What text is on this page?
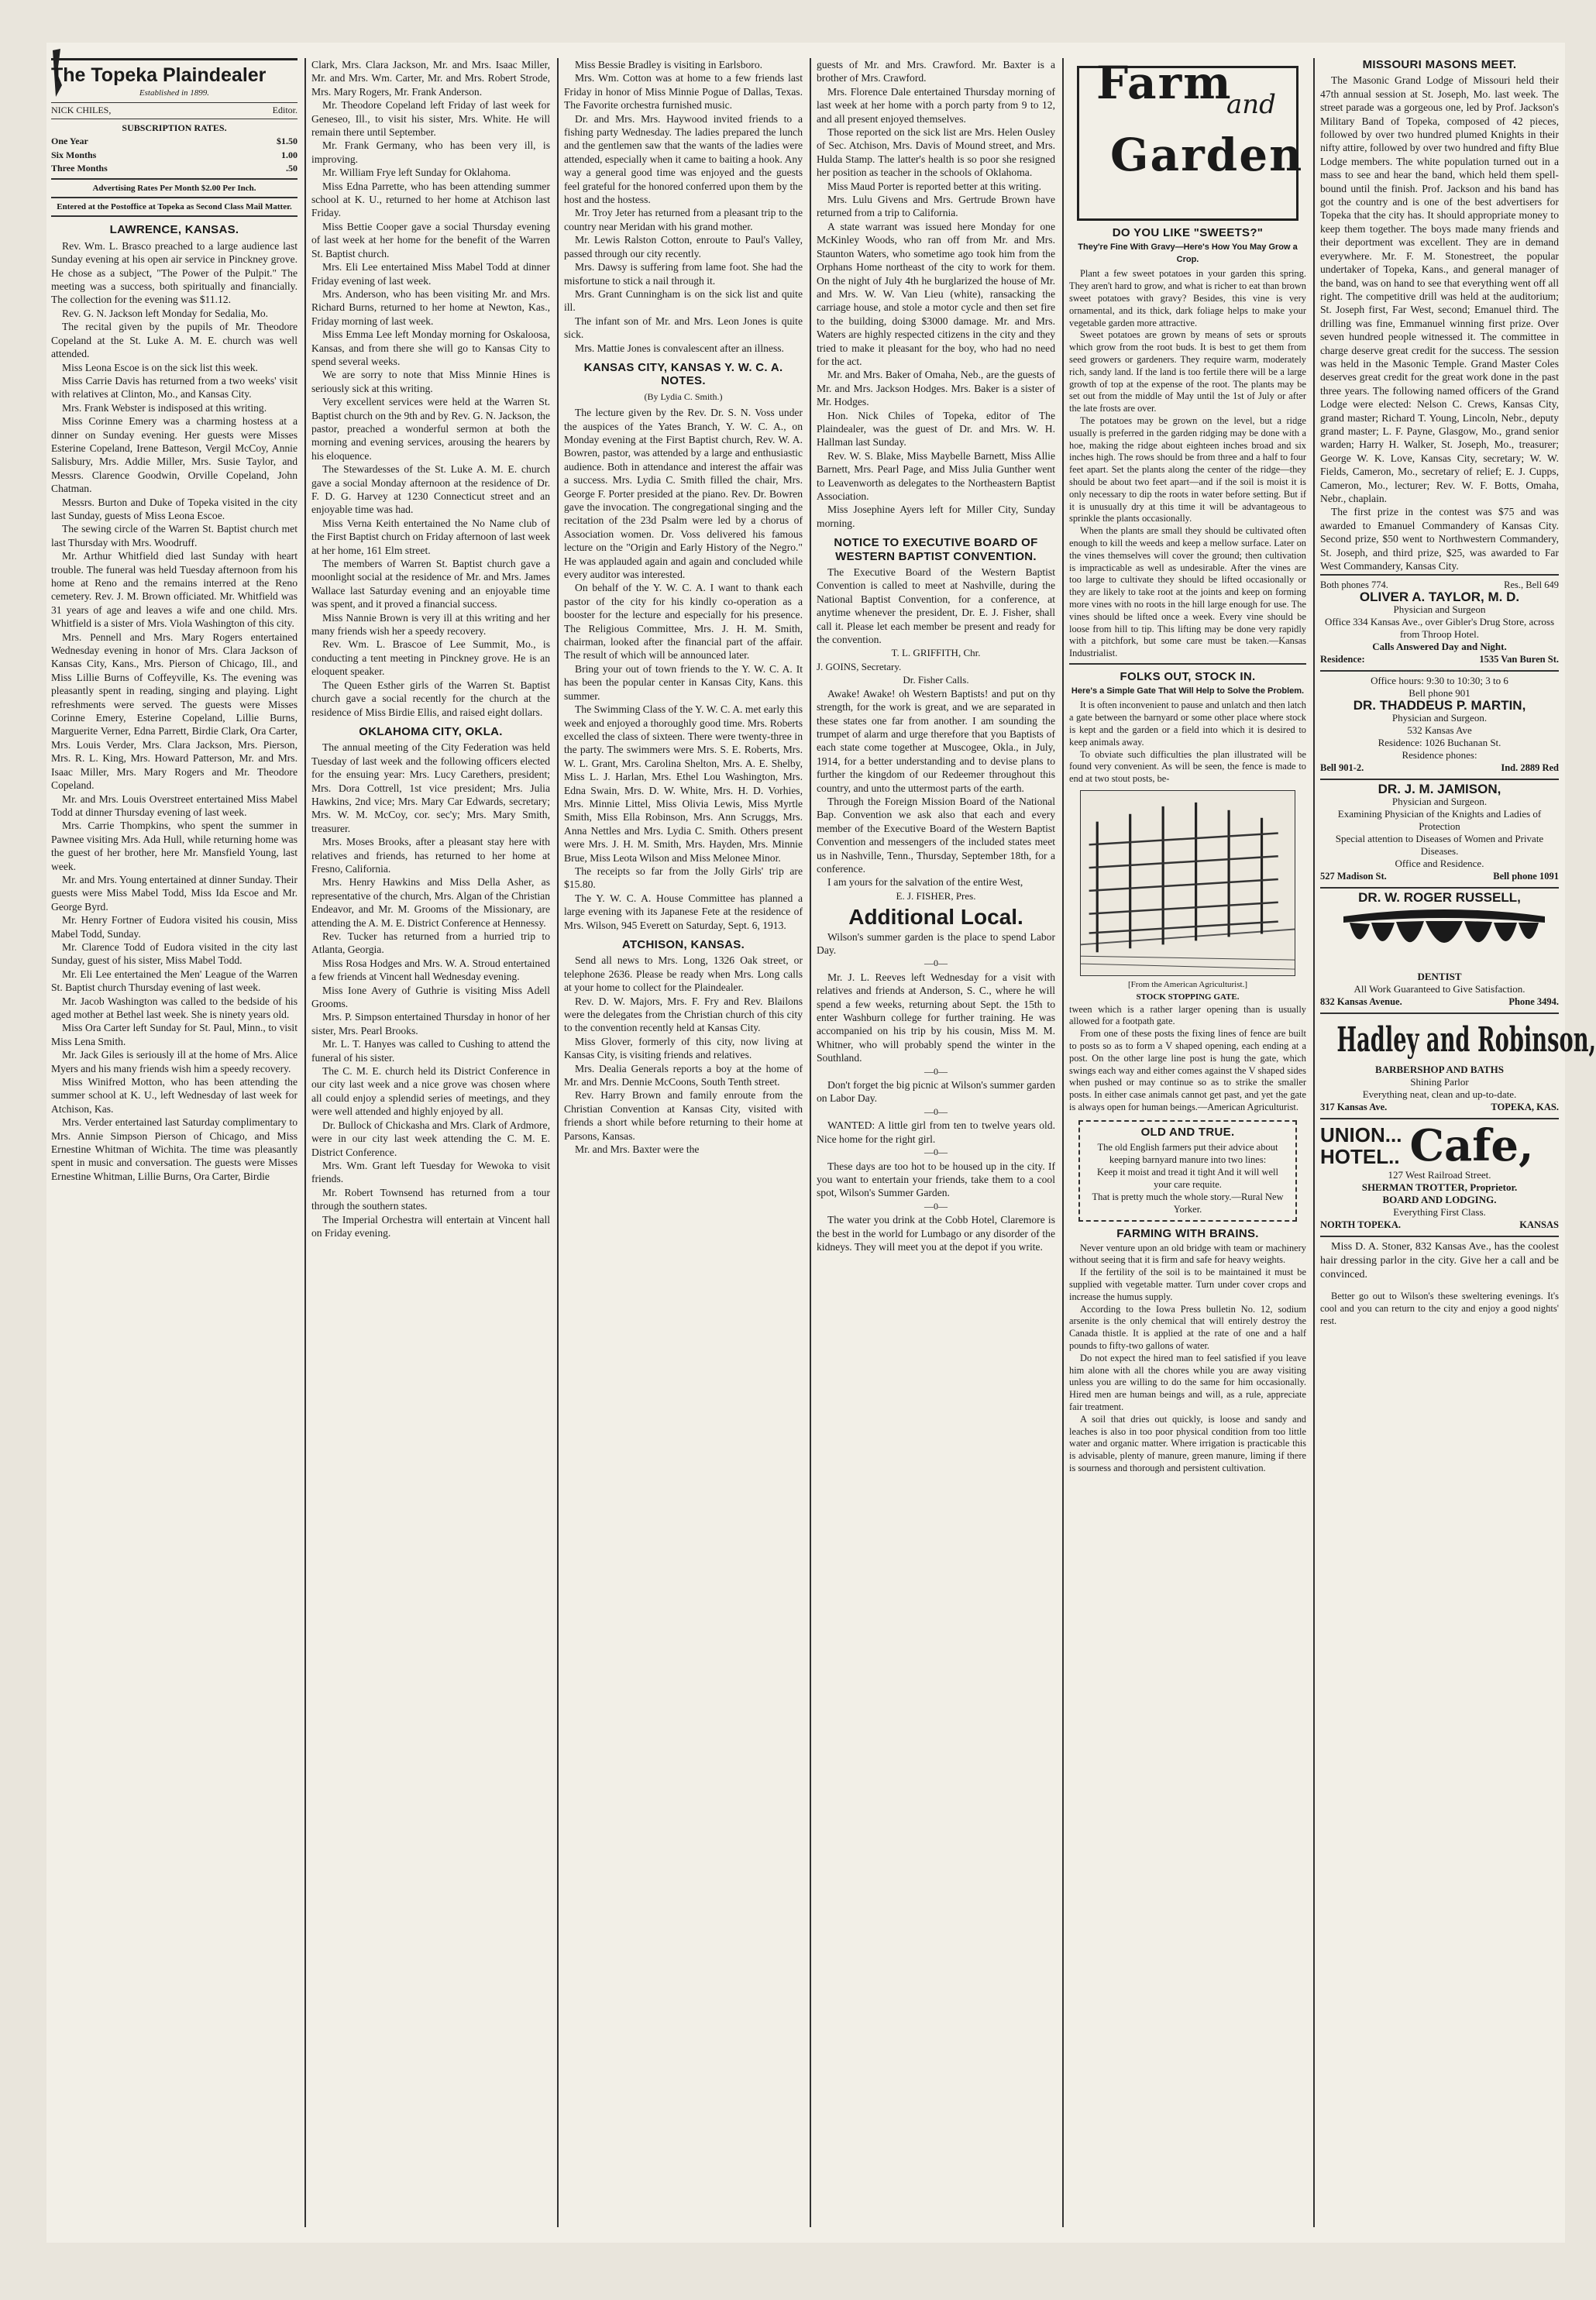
The Topeka Plaindealer
Established in 1899.
NICK CHILES,	Editor.
SUBSCRIPTION RATES.
One Year	$1.50
Six Months	1.00
Three Months	.50
Advertising Rates Per Month $2.00 Per Inch.
Entered at the Postoffice at Topeka as Second Class Mail Matter.
LAWRENCE, KANSAS.

Rev. Wm. L. Brasco preached to a large audience last Sunday evening at his open air service in Pinckney grove. He chose as a subject, "The Power of the Pulpit." The meeting was a success, both spiritually and financially. The collection for the evening was $11.12.

Rev. G. N. Jackson left Monday for Sedalia, Mo.

The recital given by the pupils of Mr. Theodore Copeland at the St. Luke A. M. E. church was well attended.

Miss Leona Escoe is on the sick list this week.

Miss Carrie Davis has returned from a two weeks' visit with relatives at Clinton, Mo., and Kansas City.

Mrs. Frank Webster is indisposed at this writing.

Miss Corinne Emery was a charming hostess at a dinner on Sunday evening. Her guests were Misses Esterine Copeland, Irene Batteson, Vergil McCoy, Annie Salisbury, Mrs. Addie Miller, Mrs. Susie Taylor, and Messrs. Clarence Goodwin, Orville Copeland, John Chatman.

Messrs. Burton and Duke of Topeka visited in the city last Sunday, guests of Miss Leona Escoe.

The sewing circle of the Warren St. Baptist church met last Thursday with Mrs. Woodruff.

Mr. Arthur Whitfield died last Sunday with heart trouble. The funeral was held Tuesday afternoon from his home at Reno and the remains interred at the Reno cemetery. Rev. J. M. Brown officiated. Mr. Whitfield was 31 years of age and leaves a wife and one child. Mrs. Whitfield is a sister of Mrs. Viola Washington of this city.

Mrs. Pennell and Mrs. Mary Rogers entertained Wednesday evening in honor of Mrs. Clara Jackson of Kansas City, Kans., Mrs. Pierson of Chicago, Ill., and Miss Lillie Burns of Coffeyville, Ks. The evening was pleasantly spent in reading, singing and playing. Light refreshments were served. The guests were Misses Corinne Emery, Esterine Copeland, Lillie Burns, Marguerite Verner, Edna Parrett, Birdie Clark, Ora Carter, Mrs. Louis Verder, Mrs. Clara Jackson, Mrs. Pierson, Mrs. R. L. King, Mrs. Howard Patterson, Mr. and Mrs. Isaac Miller, Mrs. Mary Rogers and Mr. Theodore Copeland.

Mr. and Mrs. Louis Overstreet entertained Miss Mabel Todd at dinner Thursday evening of last week.

Mrs. Carrie Thompkins, who spent the summer in Pawnee visiting Mrs. Ada Hull, while returning home was the guest of her brother, here Mr. Mansfield Young, last week.

Mr. and Mrs. Young entertained at dinner Sunday. Their guests were Miss Mabel Todd, Miss Ida Escoe and Mr. George Byrd.

Mr. Henry Fortner of Eudora visited his cousin, Miss Mabel Todd, Sunday.

Mr. Clarence Todd of Eudora visited in the city last Sunday, guest of his sister, Miss Mabel Todd.

Mr. Eli Lee entertained the Men' League of the Warren St. Baptist church Thursday evening of last week.

Mr. Jacob Washington was called to the bedside of his aged mother at Bethel last week. She is ninety years old.

Miss Ora Carter left Sunday for St. Paul, Minn., to visit Miss Lena Smith.

Mr. Jack Giles is seriously ill at the home of Mrs. Alice Myers and his many friends wish him a speedy recovery.

Miss Winifred Motton, who has been attending the summer school at K. U., left Wednesday of last week for Atchison, Kas.

Mrs. Verder entertained last Saturday complimentary to Mrs. Annie Simpson Pierson of Chicago, and Miss Ernestine Whitman of Wichita. The time was pleasantly spent in music and conversation. The guests were Misses Ernestine Whitman, Lillie Burns, Ora Carter, Birdie

Clark, Mrs. Clara Jackson, Mr. and Mrs. Isaac Miller, Mr. and Mrs. Wm. Carter, Mr. and Mrs. Robert Strode, Mrs. Mary Rogers, Mr. Frank Anderson.

Mr. Theodore Copeland left Friday of last week for Geneseo, Ill., to visit his sister, Mrs. White. He will remain there until September.

Mr. Frank Germany, who has been very ill, is improving.

Mr. William Frye left Sunday for Oklahoma.

Miss Edna Parrette, who has been attending summer school at K. U., returned to her home at Atchison last Friday.

Miss Bettie Cooper gave a social Thursday evening of last week at her home for the benefit of the Warren St. Baptist church.

Mrs. Eli Lee entertained Miss Mabel Todd at dinner Friday evening of last week.

Mrs. Anderson, who has been visiting Mr. and Mrs. Richard Burns, returned to her home at Newton, Kas., Friday morning of last week.

Miss Emma Lee left Monday morning for Oskaloosa, Kansas, and from there she will go to Kansas City to spend several weeks.

We are sorry to note that Miss Minnie Hines is seriously sick at this writing.

Very excellent services were held at the Warren St. Baptist church on the 9th and by Rev. G. N. Jackson, the pastor, preached a wonderful sermon at both the morning and evening services, arousing the hearers by his eloquence.

The Stewardesses of the St. Luke A. M. E. church gave a social Monday afternoon at the residence of Dr. F. D. G. Harvey at 1230 Connecticut street and an enjoyable time was had.

Miss Verna Keith entertained the No Name club of the First Baptist church on Friday afternoon of last week at her home, 161 Elm street.

The members of Warren St. Baptist church gave a moonlight social at the residence of Mr. and Mrs. James Wallace last Saturday evening and an enjoyable time was spent, and it proved a financial success.

Miss Nannie Brown is very ill at this writing and her many friends wish her a speedy recovery.

Rev. Wm. L. Brascoe of Lee Summit, Mo., is conducting a tent meeting in Pinckney grove. He is an eloquent speaker.

The Queen Esther girls of the Warren St. Baptist church gave a social recently for the church at the residence of Miss Birdie Ellis, and raised eight dollars.

OKLAHOMA CITY, OKLA.

The annual meeting of the City Federation was held Tuesday of last week and the following officers elected for the ensuing year: Mrs. Lucy Carethers, president; Mrs. Dora Cottrell, 1st vice president; Mrs. Julia Hawkins, 2nd vice; Mrs. Mary Car Edwards, secretary; Mrs. W. M. McCoy, cor. sec'y; Mrs. Mary Smith, treasurer.

Mrs. Moses Brooks, after a pleasant stay here with relatives and friends, has returned to her home at Fresno, California.

Mrs. Henry Hawkins and Miss Della Asher, as representative of the church, Mrs. Algan of the Christian Endeavor, and Mr. M. Grooms of the Missionary, are attending the A. M. E. District Conference at Hennessy.

Rev. Tucker has returned from a hurried trip to Atlanta, Georgia.

Miss Rosa Hodges and Mrs. W. A. Stroud entertained a few friends at Vincent hall Wednesday evening.

Miss Ione Avery of Guthrie is visiting Miss Adell Grooms.

Mrs. P. Simpson entertained Thursday in honor of her sister, Mrs. Pearl Brooks.

Mr. L. T. Hanyes was called to Cushing to attend the funeral of his sister.

The C. M. E. church held its District Conference in our city last week and a nice grove was chosen where all could enjoy a splendid series of meetings, and they were well attended and highly enjoyed by all.

Dr. Bullock of Chickasha and Mrs. Clark of Ardmore, were in our city last week attending the C. M. E. District Conference.

Mrs. Wm. Grant left Tuesday for Wewoka to visit friends.

Mr. Robert Townsend has returned from a tour through the southern states.

The Imperial Orchestra will entertain at Vincent hall on Friday evening.

Miss Bessie Bradley is visiting in Earlsboro.

Mrs. Wm. Cotton was at home to a few friends last Friday in honor of Miss Minnie Pogue of Dallas, Texas. The Favorite orchestra furnished music.

Dr. and Mrs. Mrs. Haywood invited friends to a fishing party Wednesday. The ladies prepared the lunch and the gentlemen saw that the wants of the ladies were attended, especially when it came to baiting a hook. Any way a general good time was enjoyed and the guests feel grateful for the honored conferred upon them by the host and the hostess.

Mr. Troy Jeter has returned from a pleasant trip to the country near Meridan with his grand mother.

Mr. Lewis Ralston Cotton, enroute to Paul's Valley, passed through our city recently.

Mrs. Dawsy is suffering from lame foot. She had the misfortune to stick a nail through it.

Mrs. Grant Cunningham is on the sick list and quite ill.

The infant son of Mr. and Mrs. Leon Jones is quite sick.

Mrs. Mattie Jones is convalescent after an illness.

KANSAS CITY, KANSAS Y. W. C. A. NOTES.
(By Lydia C. Smith.)

The lecture given by the Rev. Dr. S. N. Voss under the auspices of the Yates Branch, Y. W. C. A., on Monday evening at the First Baptist church, Rev. W. A. Bowren, pastor, was attended by a large and enthusiastic audience. Both in attendance and interest the affair was a success. Mrs. Lydia C. Smith filled the chair, Mrs. George F. Porter presided at the piano. Rev. Dr. Bowren gave the invocation. The congregational singing and the recitation of the 23d Psalm were led by a chorus of Association women. Dr. Voss delivered his famous lecture on the "Origin and Early History of the Negro." He was applauded again and again and concluded while every auditor was interested.

On behalf of the Y. W. C. A. I want to thank each pastor of the city for his kindly co-operation as a booster for the lecture and especially for his presence. The Religious Committee, Mrs. J. H. M. Smith, chairman, looked after the financial part of the affair. The result of which will be announced later.

Bring your out of town friends to the Y. W. C. A. It has been the popular center in Kansas City, Kans. this summer.

The Swimming Class of the Y. W. C. A. met early this week and enjoyed a thoroughly good time. Mrs. Roberts excelled the class of sixteen. There were twenty-three in the party. The swimmers were Mrs. S. E. Roberts, Mrs. W. L. Grant, Mrs. Carolina Shelton, Mrs. A. E. Shelby, Miss L. J. Harlan, Mrs. Ethel Lou Washington, Mrs. Edna Swain, Mrs. D. W. White, Mrs. H. D. Vorhies, Mrs. Minnie Littel, Miss Olivia Lewis, Miss Myrtle Smith, Miss Ella Robinson, Mrs. Ann Scruggs, Mrs. Anna Nettles and Mrs. Lydia C. Smith. Others present were Mrs. J. H. M. Smith, Mrs. Hayden, Mrs. Minnie Brue, Miss Leota Wilson and Miss Melonee Minor.

The receipts so far from the Jolly Girls' trip are $15.80.

The Y. W. C. A. House Committee has planned a large evening with its Japanese Fete at the residence of Mrs. Wilson, 945 Everett on Saturday, Sept. 6, 1913.

ATCHISON, KANSAS.

Send all news to Mrs. Long, 1326 Oak street, or telephone 2636. Please be ready when Mrs. Long calls at your home to collect for the Plaindealer.

Rev. D. W. Majors, Mrs. F. Fry and Rev. Blailons were the delegates from the Christian church of this city to the convention recently held at Kansas City.

Miss Glover, formerly of this city, now living at Kansas City, is visiting friends and relatives.

Mrs. Dealia Generals reports a boy at the home of Mr. and Mrs. Dennie McCoons, South Tenth street.

Rev. Harry Brown and family enroute from the Christian Convention at Kansas City, visited with friends a short while before returning to their home at Parsons, Kansas.

Mr. and Mrs. Baxter were the

guests of Mr. and Mrs. Crawford. Mr. Baxter is a brother of Mrs. Crawford.

Mrs. Florence Dale entertained Thursday morning of last week at her home with a porch party from 9 to 12, and all present enjoyed themselves.

Those reported on the sick list are Mrs. Helen Ousley of Sec. Atchison, Mrs. Davis of Mound street, and Mrs. Hulda Stamp. The latter's health is so poor she resigned her position as teacher in the schools of Oklahoma.

Miss Maud Porter is reported better at this writing.

Mrs. Lulu Givens and Mrs. Gertrude Brown have returned from a trip to California.

A state warrant was issued here Monday for one McKinley Woods, who ran off from Mr. and Mrs. Staunton Waters, who sometime ago took him from the Orphans Home northeast of the city to work for them. On the night of July 4th he burglarized the house of Mr. and Mrs. W. W. Van Lieu (white), ransacking the carriage house, and stole a motor cycle and then set fire to the building, doing $3000 damage. Mr. and Mrs. Waters are highly respected citizens in the city and they tried to make it pleasant for the boy, who had no need for the act.

Mr. and Mrs. Baker of Omaha, Neb., are the guests of Mr. and Mrs. Jackson Hodges. Mrs. Baker is a sister of Mr. Hodges.

Hon. Nick Chiles of Topeka, editor of The Plaindealer, was the guest of Dr. and Mrs. W. H. Hallman last Sunday.

Rev. W. S. Blake, Miss Maybelle Barnett, Miss Allie Barnett, Mrs. Pearl Page, and Miss Julia Gunther went to Leavenworth as delegates to the Northeastern Baptist Association.

Miss Josephine Ayers left for Miller City, Sunday morning.

NOTICE TO EXECUTIVE BOARD OF WESTERN BAPTIST CONVENTION.

The Executive Board of the Western Baptist Convention is called to meet at Nashville, during the National Baptist Convention, for a conference, at anytime whenever the president, Dr. E. J. Fisher, shall call it. Please let each member be present and ready for the convention.

T. L. GRIFFITH, Chr.
J. GOINS, Secretary.
Dr. Fisher Calls.

Awake! Awake! oh Western Baptists! and put on thy strength, for the work is great, and we are separated in these states one far from another. I am sounding the trumpet of alarm and urge therefore that you Baptists of each state come together at Muscogee, Okla., in July, 1914, for a better understanding and to devise plans to further the kingdom of our Redeemer throughout this country, and unto the uttermost parts of the earth.

Through the Foreign Mission Board of the National Bap. Convention we ask also that each and every member of the Executive Board of the Western Baptist Convention and messengers of the included states meet us in Nashville, Tenn., Thursday, September 18th, for a conference.

I am yours for the salvation of the entire West,

E. J. FISHER, Pres.
Additional Local.

Wilson's summer garden is the place to spend Labor Day.

—0—

Mr. J. L. Reeves left Wednesday for a visit with relatives and friends at Anderson, S. C., where he will spend a few weeks, returning about Sept. the 15th to enter Washburn college for further training. He was accompanied on his trip by his cousin, Miss M. M. Whitner, who will probably spend the winter in the Southland.

—0—

Don't forget the big picnic at Wilson's summer garden on Labor Day.

—0—

WANTED: A little girl from ten to twelve years old. Nice home for the right girl.

—0—

These days are too hot to be housed up in the city. If you want to entertain your friends, take them to a cool spot, Wilson's Summer Garden.

—0—

The water you drink at the Cobb Hotel, Claremore is the best in the world for Lumbago or any disorder of the kidneys. They will meet you at the depot if you write.

Farm
and
Garden
DO YOU LIKE "SWEETS?"
They're Fine With Gravy—Here's How You May Grow a Crop.

Plant a few sweet potatoes in your garden this spring. They aren't hard to grow, and what is richer to eat than brown sweet potatoes with gravy? Besides, this vine is very ornamental, and its thick, dark foliage helps to make your vegetable garden more attractive.

Sweet potatoes are grown by means of sets or sprouts which grow from the root buds. It is best to get them from seed growers or gardeners. They require warm, moderately rich, sandy land. If the land is too fertile there will be a large growth of top at the expense of the root. The plants may be set out from the middle of May until the 1st of July or after the late frosts are over.

The potatoes may be grown on the level, but a ridge usually is preferred in the garden ridging may be done with a hoe, making the ridge about eighteen inches broad and six inches high. The rows should be from three and a half to four feet apart. Set the plants along the center of the ridge—they should be about two feet apart—and if the soil is moist it is only necessary to dip the roots in water before setting. But if it is unusually dry at this time it will be advantageous to sprinkle the plants occasionally.

When the plants are small they should be cultivated often enough to kill the weeds and keep a mellow surface. Later on the vines themselves will cover the ground; then cultivation is impracticable as well as undesirable. After the vines are too large to cultivate they should be lifted occasionally or they are likely to take root at the joints and keep on forming more vines with no roots in the hill large enough for use. The vines should be lifted once a week. Every vine should be loose from hill to tip. This lifting may be done very rapidly with a pitchfork, but some care must be taken.—Kansas Industrialist.

FOLKS OUT, STOCK IN.
Here's a Simple Gate That Will Help to Solve the Problem.

It is often inconvenient to pause and unlatch and then latch a gate between the barnyard or some other place where stock is kept and the garden or a field into which it is desired to keep animals away.

To obviate such difficulties the plan illustrated will be found very convenient. As will be seen, the fence is made to end at two stout posts, be-

[From the American Agriculturist.]
STOCK STOPPING GATE.

tween which is a rather larger opening than is usually allowed for a footpath gate.

From one of these posts the fixing lines of fence are built to posts so as to form a V shaped opening, each ending at a post. On the other large line post is hung the gate, which swings each way and either comes against the V shaped sides when pushed or may continue so as to strike the smaller posts. In either case animals cannot get past, and yet the gate is always open for human beings.—American Agriculturist.

OLD AND TRUE.
The old English farmers put their advice about keeping barnyard manure into two lines:
Keep it moist and tread it tight And it will well your care requite.
That is pretty much the whole story.—Rural New Yorker.
FARMING WITH BRAINS.

Never venture upon an old bridge with team or machinery without seeing that it is firm and safe for heavy weights.

If the fertility of the soil is to be maintained it must be supplied with vegetable matter. Turn under cover crops and increase the humus supply.

According to the Iowa Press bulletin No. 12, sodium arsenite is the only chemical that will entirely destroy the Canada thistle. It is applied at the rate of one and a half pounds to fifty-two gallons of water.

Do not expect the hired man to feel satisfied if you leave him alone with all the chores while you are away visiting unless you are willing to do the same for him occasionally. Hired men are human beings and will, as a rule, appreciate fair treatment.

A soil that dries out quickly, is loose and sandy and leaches is also in too poor physical condition from too little water and organic matter. Where irrigation is practicable this is advisable, plenty of manure, green manure, liming if there is sourness and thorough and persistent cultivation.

MISSOURI MASONS MEET.

The Masonic Grand Lodge of Missouri held their 47th annual session at St. Joseph, Mo. last week. The street parade was a gorgeous one, led by Prof. Jackson's Military Band of Topeka, composed of 42 pieces, followed by over two hundred plumed Knights in their nifty attire, followed by over two hundred and fifty Blue Lodge members. The white population turned out in a mass to see and hear the band, which held them spell-bound until the finish. Prof. Jackson and his band has got the country and is one of the best advertisers for Topeka that the city has. It should appropriate money to keep them together. The boys made many friends and their deportment was excellent. They are in demand everywhere. Mr. F. M. Stonestreet, the popular undertaker of Topeka, Kans., and general manager of the band, was on hand to see that everything went off all right. The competitive drill was held at the auditorium; St. Joseph first, Far West, second; Emanuel third. The drilling was fine, Emmanuel winning first prize. Over seven hundred people witnessed it. The committee in charge deserve great credit for the success. The session was held in the Masonic Temple. Grand Master Coles deserves great credit for the great work done in the past three years. The following named officers of the Grand Lodge were elected: Nelson C. Crews, Kansas City, grand master; Richard T. Young, Lincoln, Nebr., deputy grand master; L. F. Payne, Glasgow, Mo., grand senior warden; Harry H. Walker, St. Joseph, Mo., treasurer; George W. K. Love, Kansas City, secretary; W. W. Fields, Cameron, Mo., secretary of relief; E. J. Cupps, Cameron, Mo., lecturer; Rev. W. F. Botts, Omaha, Nebr., chaplain.

The first prize in the contest was $75 and was awarded to Emanuel Commandery of Kansas City. Second prize, $50 went to Northwestern Commandery, St. Joseph, and third prize, $25, was awarded to Far West Commandery, Kansas City.

Both phones 774.	Res., Bell 649
OLIVER A. TAYLOR, M. D.
Physician and Surgeon
Office 334 Kansas Ave., over Gibler's Drug Store, across from Throop Hotel.
Calls Answered Day and Night.
Residence:	1535 Van Buren St.
Office hours: 9:30 to 10:30; 3 to 6
Bell phone 901
DR. THADDEUS P. MARTIN,
Physician and Surgeon.
532 Kansas Ave
Residence: 1026 Buchanan St.
Residence phones:
Bell 901-2.	Ind. 2889 Red
DR. J. M. JAMISON,
Physician and Surgeon.
Examining Physician of the Knights and Ladies of Protection
Special attention to Diseases of Women and Private Diseases.
Office and Residence.
527 Madison St.	Bell phone 1091
DR. W. ROGER RUSSELL,
DENTIST
All Work Guaranteed to Give Satisfaction.
832 Kansas Avenue.	Phone 3494.
Hadley and Robinson,
BARBERSHOP AND BATHS
Shining Parlor
Everything neat, clean and up-to-date.
317 Kansas Ave.	TOPEKA, KAS.
UNION...
HOTEL.. Cafe,
127 West Railroad Street.
SHERMAN TROTTER, Proprietor.
BOARD AND LODGING.
Everything First Class.
NORTH TOPEKA.	KANSAS

Miss D. A. Stoner, 832 Kansas Ave., has the coolest hair dressing parlor in the city. Give her a call and be convinced.

Better go out to Wilson's these sweltering evenings. It's cool and you can return to the city and enjoy a good nights' rest.
